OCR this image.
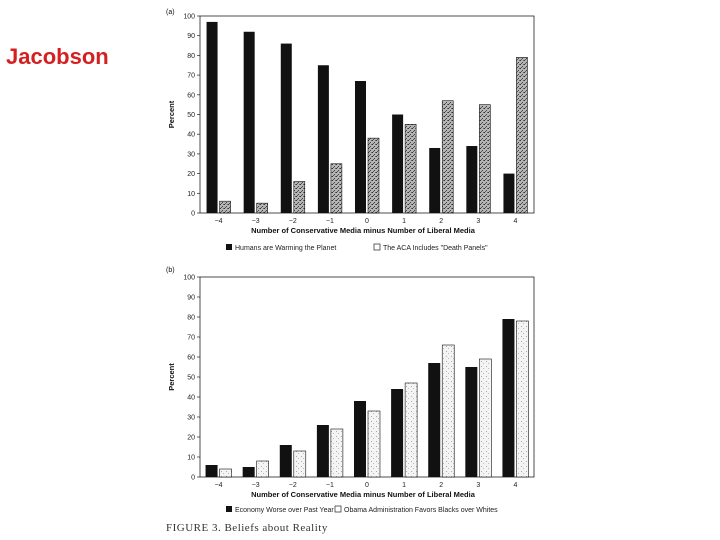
Jacobson
(a)
0
10
20
30
40
50
60
70
80
90
100
Percent
−4	−3	−2	−1	0	1	2	3	4
Number of Conservative Media minus Number of Liberal Media
Humans are Warming the Planet	The ACA Includes "Death Panels"
(b)
0
10
20
30
40
50
60
70
80
90
100
Percent
−4	−3	−2	−1	0	1	2	3	4
Number of Conservative Media minus Number of Liberal Media
Economy Worse over Past Year Obama Administration Favors Blacks over Whites
FIGURE 3. Beliefs about Reality
